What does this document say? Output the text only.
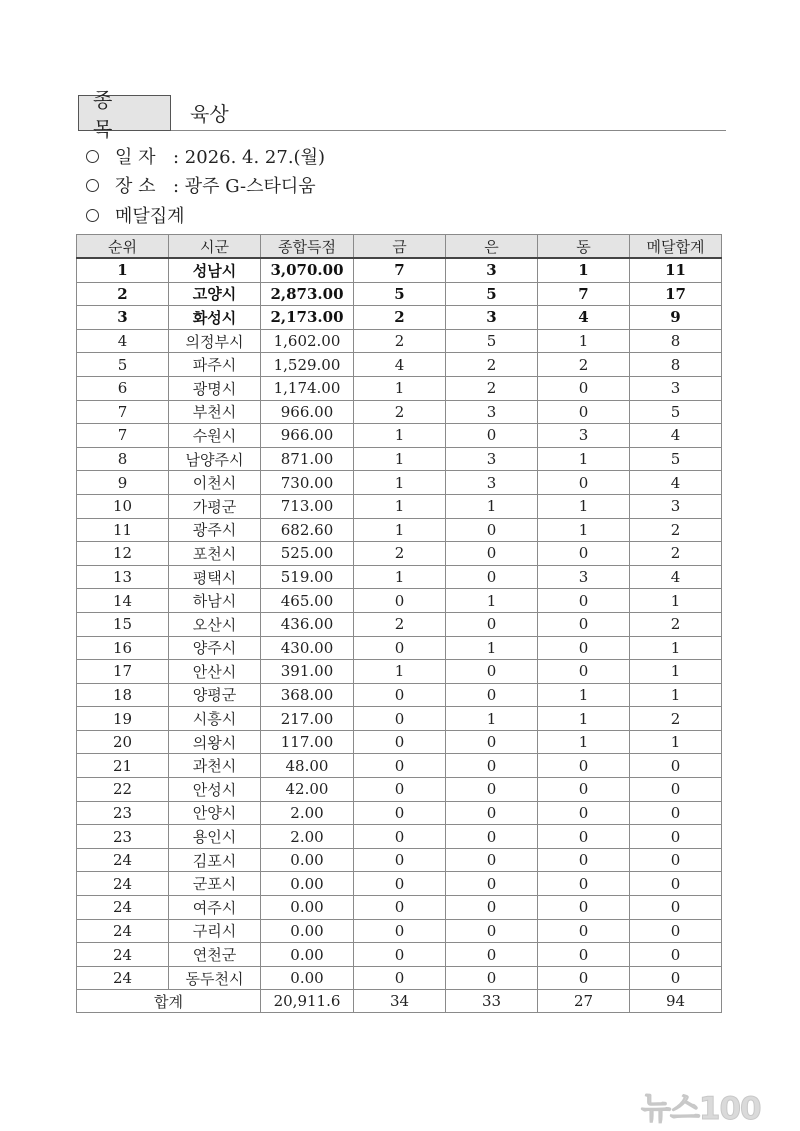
종 목
육상
일 자 : 2026. 4. 27.(월)
장 소 : 광주 G-스타디움
메달집계
순위	시군	종합득점	금	은	동	메달합계
1	성남시	3,070.00	7	3	1	11
2	고양시	2,873.00	5	5	7	17
3	화성시	2,173.00	2	3	4	9
4	의정부시	1,602.00	2	5	1	8
5	파주시	1,529.00	4	2	2	8
6	광명시	1,174.00	1	2	0	3
7	부천시	966.00	2	3	0	5
7	수원시	966.00	1	0	3	4
8	남양주시	871.00	1	3	1	5
9	이천시	730.00	1	3	0	4
10	가평군	713.00	1	1	1	3
11	광주시	682.60	1	0	1	2
12	포천시	525.00	2	0	0	2
13	평택시	519.00	1	0	3	4
14	하남시	465.00	0	1	0	1
15	오산시	436.00	2	0	0	2
16	양주시	430.00	0	1	0	1
17	안산시	391.00	1	0	0	1
18	양평군	368.00	0	0	1	1
19	시흥시	217.00	0	1	1	2
20	의왕시	117.00	0	0	1	1
21	과천시	48.00	0	0	0	0
22	안성시	42.00	0	0	0	0
23	안양시	2.00	0	0	0	0
23	용인시	2.00	0	0	0	0
24	김포시	0.00	0	0	0	0
24	군포시	0.00	0	0	0	0
24	여주시	0.00	0	0	0	0
24	구리시	0.00	0	0	0	0
24	연천군	0.00	0	0	0	0
24	동두천시	0.00	0	0	0	0
합계		20,911.6	34	33	27	94
뉴스100
